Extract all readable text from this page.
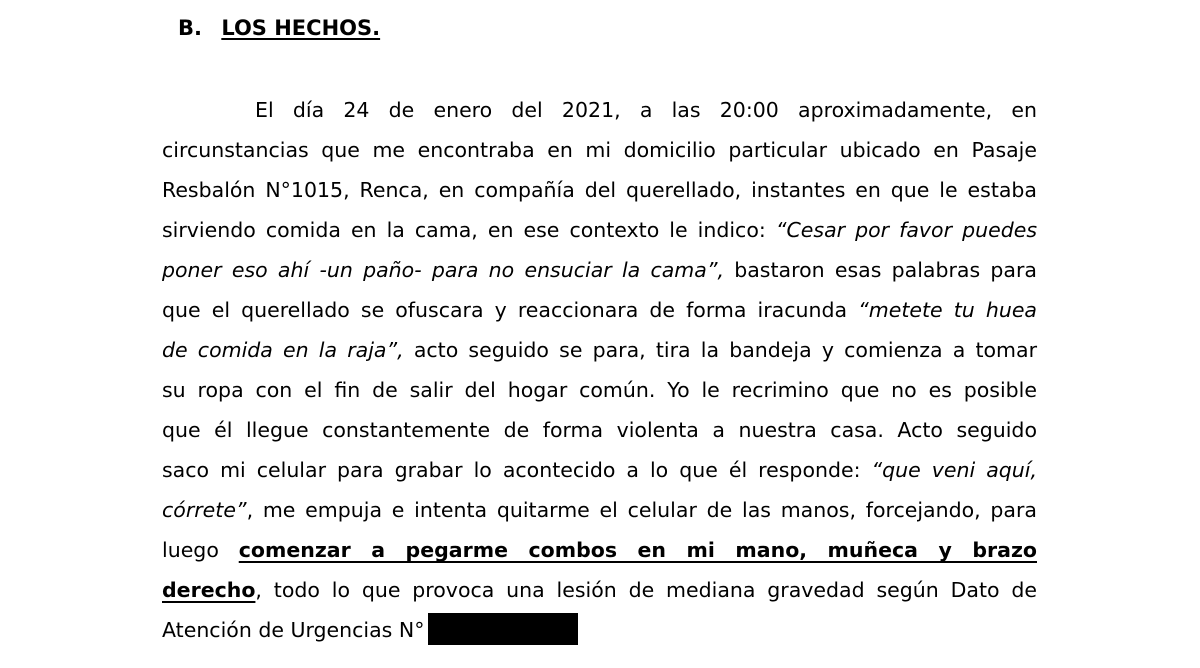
B. LOS HECHOS.
El día 24 de enero del 2021, a las 20:00 aproximadamente, en
circunstancias que me encontraba en mi domicilio particular ubicado en Pasaje
Resbalón N°1015, Renca, en compañía del querellado, instantes en que le estaba
sirviendo comida en la cama, en ese contexto le indico: “Cesar por favor puedes
poner eso ahí -un paño- para no ensuciar la cama”, bastaron esas palabras para
que el querellado se ofuscara y reaccionara de forma iracunda “metete tu huea
de comida en la raja”, acto seguido se para, tira la bandeja y comienza a tomar
su ropa con el fin de salir del hogar común. Yo le recrimino que no es posible
que él llegue constantemente de forma violenta a nuestra casa. Acto seguido
saco mi celular para grabar lo acontecido a lo que él responde: “que veni aquí,
córrete”, me empuja e intenta quitarme el celular de las manos, forcejando, para
luego comenzar a pegarme combos en mi mano, muñeca y brazo
derecho, todo lo que provoca una lesión de mediana gravedad según Dato de
Atención de Urgencias N°
